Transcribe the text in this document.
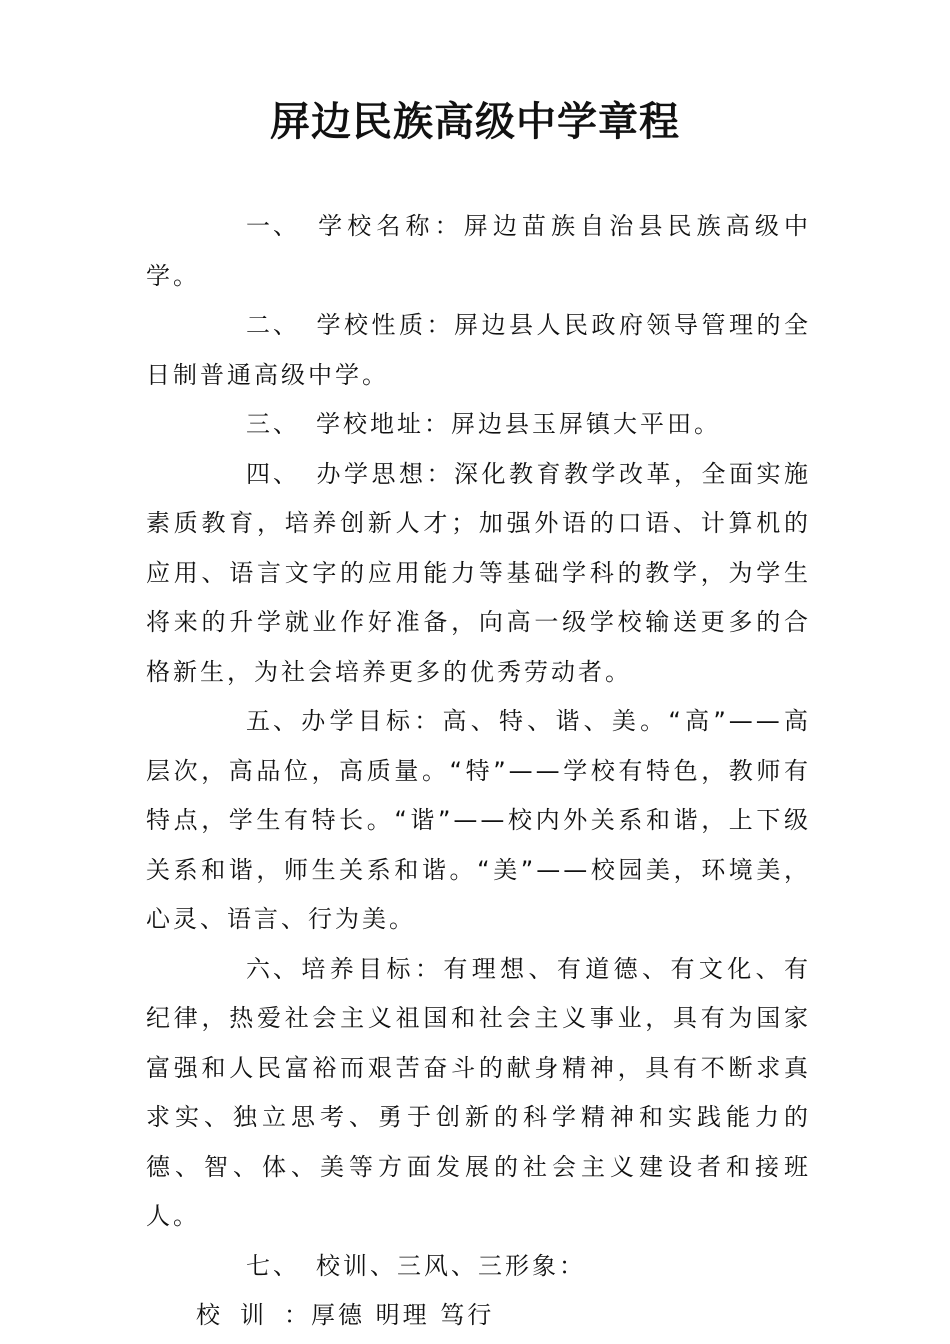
屏边民族高级中学章程

一、 学校名称：屏边苗族自治县民族高级中学。

二、 学校性质：屏边县人民政府领导管理的全日制普通高级中学。

三、 学校地址：屏边县玉屏镇大平田。

四、 办学思想：深化教育教学改革，全面实施素质教育，培养创新人才；加强外语的口语、计算机的应用、语言文字的应用能力等基础学科的教学，为学生将来的升学就业作好准备，向高一级学校输送更多的合格新生，为社会培养更多的优秀劳动者。

五、办学目标：高、特、谐、美。“高”——高层次，高品位，高质量。“特”——学校有特色，教师有特点，学生有特长。“谐”——校内外关系和谐，上下级关系和谐，师生关系和谐。“美”——校园美，环境美，心灵、语言、行为美。

六、培养目标：有理想、有道德、有文化、有纪律，热爱社会主义祖国和社会主义事业，具有为国家富强和人民富裕而艰苦奋斗的献身精神，具有不断求真求实、独立思考、勇于创新的科学精神和实践能力的德、智、体、美等方面发展的社会主义建设者和接班人。

七、 校训、三风、三形象：

校训：厚德 明理 笃行
